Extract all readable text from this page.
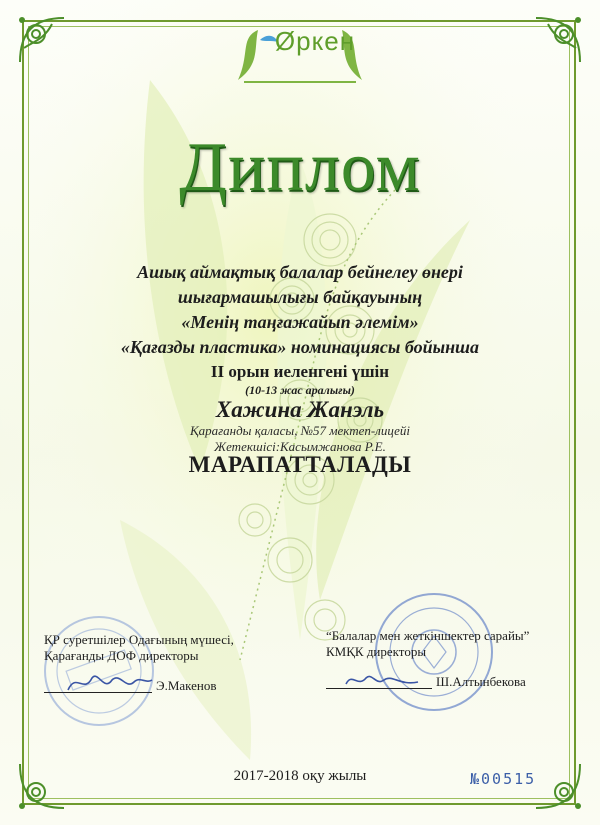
Øркен
Диплом
Ашық аймақтық балалар бейнелеу өнері
шығармашылығы байқауының
«Менің таңғажайып әлемім»
«Қағазды пластика» номинациясы бойынша
II орын иеленгені үшін
(10-13 жас аралығы)
Хажина Жанэль
Қарағанды қаласы, №57 мектеп-лицейі
Жетекшісі:Касымжанова Р.Е.
МАРАПАТТАЛАДЫ
ҚР суретшілер Одағының мүшесі,
Қарағанды ДОФ директоры
Э.Макенов
“Балалар мен жеткіншектер сарайы”
КМҚК директоры
Ш.Алтынбекова
2017-2018 оқу жылы	№00515
